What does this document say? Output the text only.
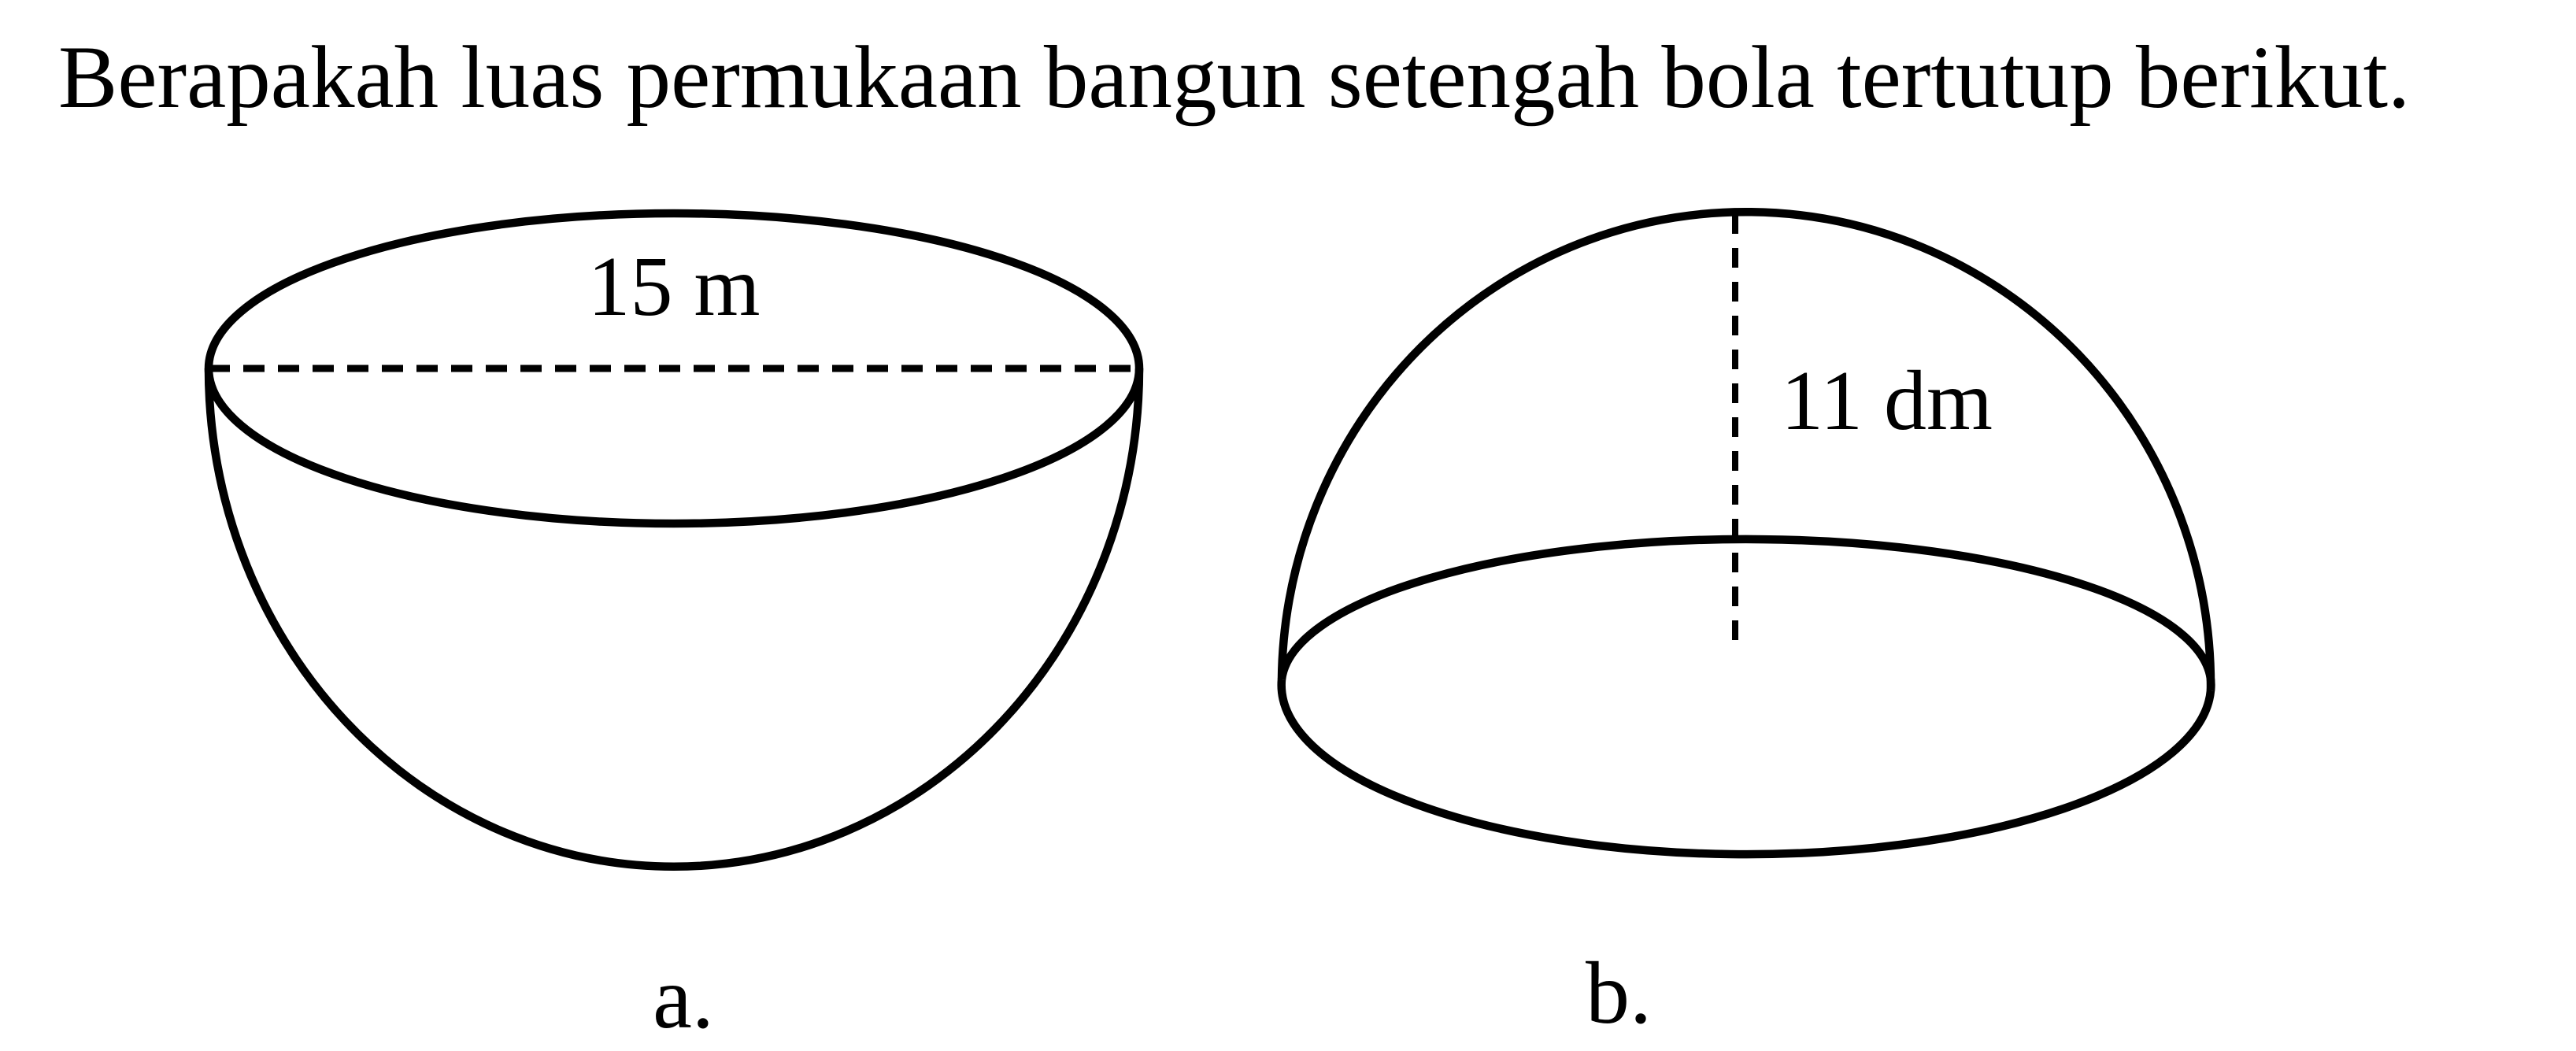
Berapakah luas permukaan bangun setengah bola tertutup berikut.
15 m
a.
11 dm
b.
